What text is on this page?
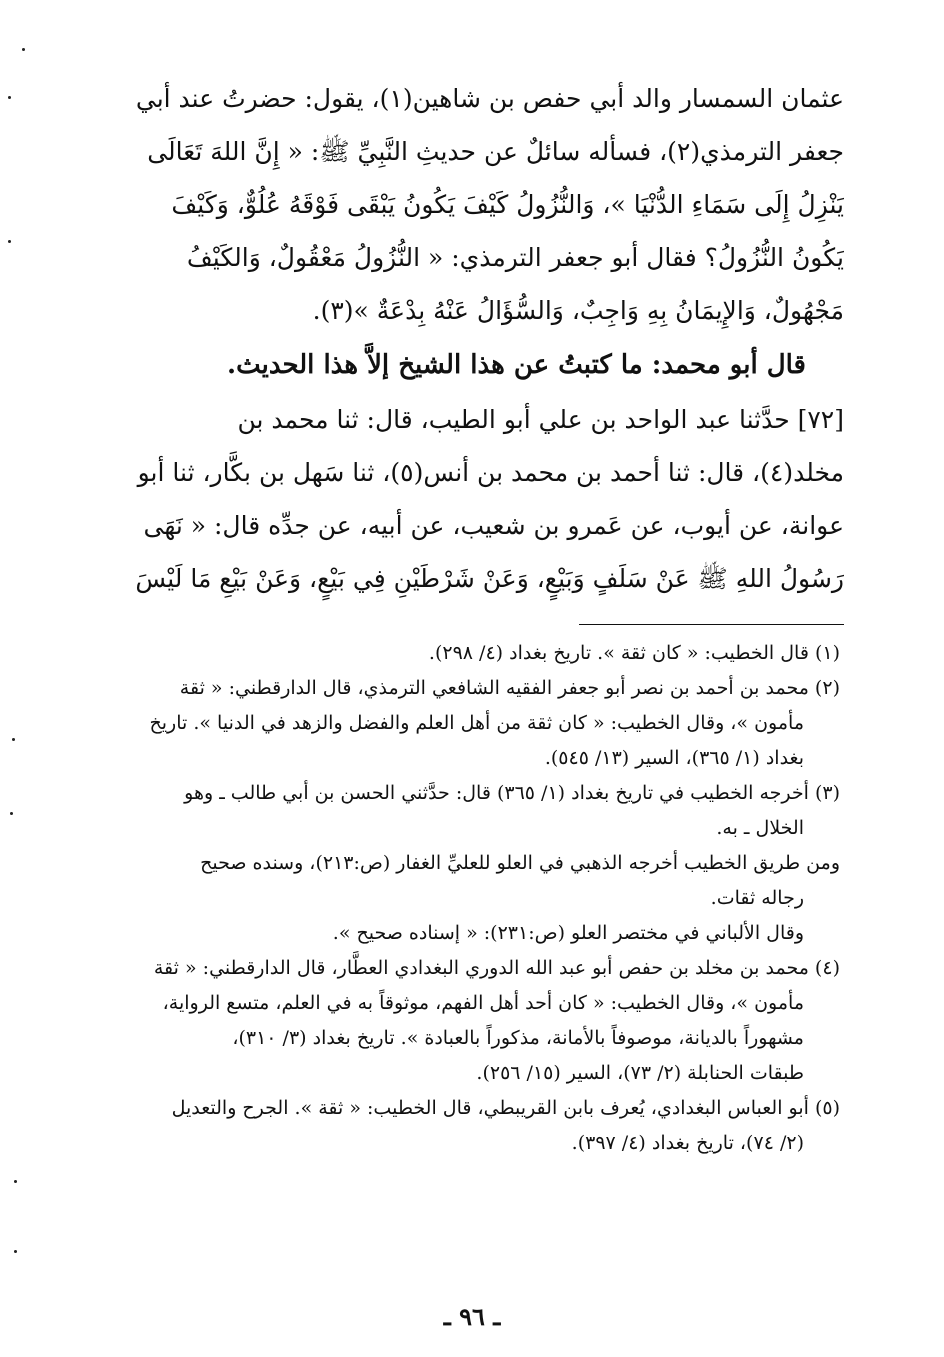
عثمان السمسار والد أبي حفص بن شاهين(١)، يقول: حضرتُ عند أبي
جعفر الترمذي(٢)، فسأله سائلٌ عن حديثِ النَّبِيِّ ﷺ: « إِنَّ اللهَ تَعَالَى
يَنْزِلُ إِلَى سَمَاءِ الدُّنْيَا »، وَالنُّزُولُ كَيْفَ يَكُونُ يَبْقَى فَوْقَهُ عُلُوٌّ، وَكَيْفَ
يَكُونُ النُّزُولُ؟ فقال أبو جعفر الترمذي: « النُّزُولُ مَعْقُولٌ، وَالكَيْفُ
مَجْهُولٌ، وَالإِيمَانُ بِهِ وَاجِبٌ، وَالسُّؤَالُ عَنْهُ بِدْعَةٌ »(٣).
قال أبو محمد: ما كتبتُ عن هذا الشيخ إلاَّ هذا الحديث.
[٧٢] حدَّثنا عبد الواحد بن علي أبو الطيب، قال: ثنا محمد بن
مخلد(٤)، قال: ثنا أحمد بن محمد بن أنس(٥)، ثنا سَهل بن بكَّار، ثنا أبو
عوانة، عن أيوب، عن عَمرو بن شعيب، عن أبيه، عن جدِّه قال: « نَهَى
رَسُولُ اللهِ ﷺ عَنْ سَلَفٍ وَبَيْعٍ، وَعَنْ شَرْطَيْنِ فِي بَيْعٍ، وَعَنْ بَيْعِ مَا لَيْسَ
(١) قال الخطيب: « كان ثقة ». تاريخ بغداد (٤/ ٢٩٨).
(٢) محمد بن أحمد بن نصر أبو جعفر الفقيه الشافعي الترمذي، قال الدارقطني: « ثقة
مأمون »، وقال الخطيب: « كان ثقة من أهل العلم والفضل والزهد في الدنيا ». تاريخ
بغداد (١/ ٣٦٥)، السير (١٣/ ٥٤٥).
(٣) أخرجه الخطيب في تاريخ بغداد (١/ ٣٦٥) قال: حدَّثني الحسن بن أبي طالب ـ وهو
الخلال ـ به.
ومن طريق الخطيب أخرجه الذهبي في العلو للعليِّ الغفار (ص:٢١٣)، وسنده صحيح
رجاله ثقات.
وقال الألباني في مختصر العلو (ص:٢٣١): « إسناده صحيح ».
(٤) محمد بن مخلد بن حفص أبو عبد الله الدوري البغدادي العطَّار، قال الدارقطني: « ثقة
مأمون »، وقال الخطيب: « كان أحد أهل الفهم، موثوقاً به في العلم، متسع الرواية،
مشهوراً بالديانة، موصوفاً بالأمانة، مذكوراً بالعبادة ». تاريخ بغداد (٣/ ٣١٠)،
طبقات الحنابلة (٢/ ٧٣)، السير (١٥/ ٢٥٦).
(٥) أبو العباس البغدادي، يُعرف بابن القريبطي، قال الخطيب: « ثقة ». الجرح والتعديل
(٢/ ٧٤)، تاريخ بغداد (٤/ ٣٩٧).
ـ ٩٦ ـ
